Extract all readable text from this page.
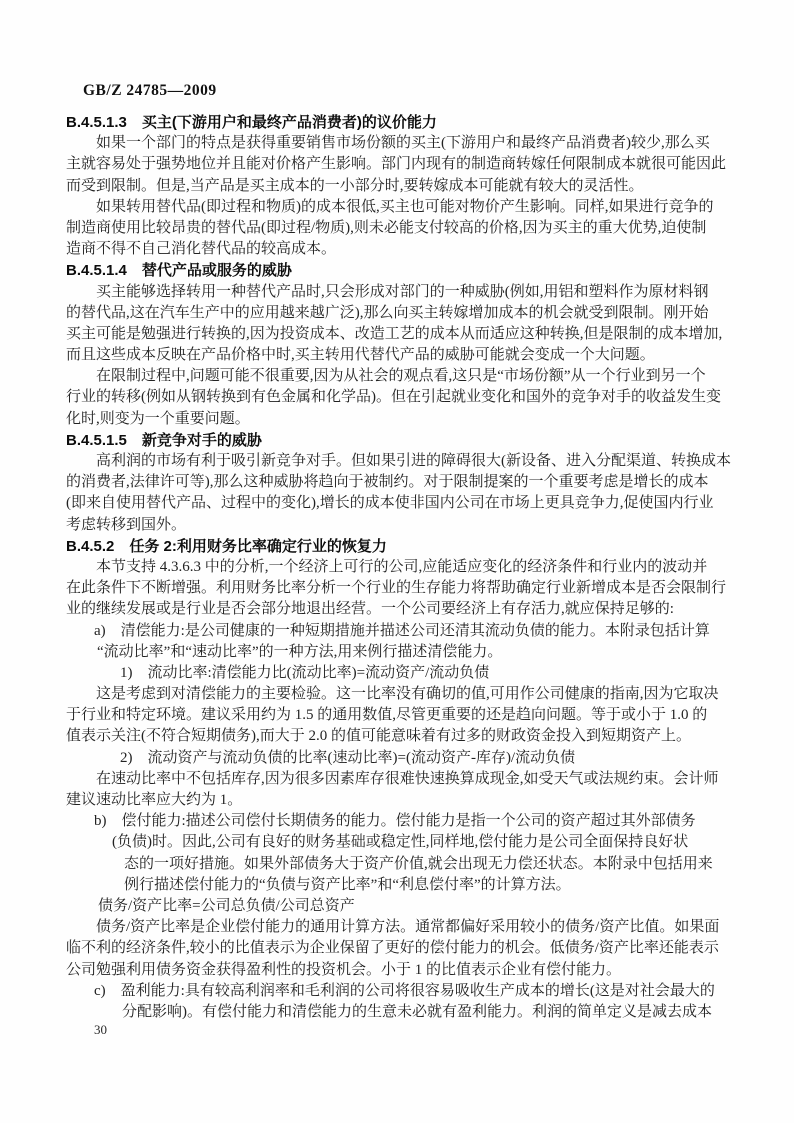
GB/Z 24785—2009
B.4.5.1.3　买主(下游用户和最终产品消费者)的议价能力
如果一个部门的特点是获得重要销售市场份额的买主(下游用户和最终产品消费者)较少,那么买
主就容易处于强势地位并且能对价格产生影响。部门内现有的制造商转嫁任何限制成本就很可能因此
而受到限制。但是,当产品是买主成本的一小部分时,要转嫁成本可能就有较大的灵活性。
如果转用替代品(即过程和物质)的成本很低,买主也可能对物价产生影响。同样,如果进行竞争的
制造商使用比较昂贵的替代品(即过程/物质),则未必能支付较高的价格,因为买主的重大优势,迫使制
造商不得不自己消化替代品的较高成本。
B.4.5.1.4　替代产品或服务的威胁
买主能够选择转用一种替代产品时,只会形成对部门的一种威胁(例如,用铝和塑料作为原材料钢
的替代品,这在汽车生产中的应用越来越广泛),那么向买主转嫁增加成本的机会就受到限制。刚开始
买主可能是勉强进行转换的,因为投资成本、改造工艺的成本从而适应这种转换,但是限制的成本增加,
而且这些成本反映在产品价格中时,买主转用代替代产品的威胁可能就会变成一个大问题。
在限制过程中,问题可能不很重要,因为从社会的观点看,这只是“市场份额”从一个行业到另一个
行业的转移(例如从钢转换到有色金属和化学品)。但在引起就业变化和国外的竞争对手的收益发生变
化时,则变为一个重要问题。
B.4.5.1.5　新竞争对手的威胁
高利润的市场有利于吸引新竞争对手。但如果引进的障碍很大(新设备、进入分配渠道、转换成本
的消费者,法律许可等),那么这种威胁将趋向于被制约。对于限制提案的一个重要考虑是增长的成本
(即来自使用替代产品、过程中的变化),增长的成本使非国内公司在市场上更具竞争力,促使国内行业
考虑转移到国外。
B.4.5.2　任务 2:利用财务比率确定行业的恢复力
本节支持 4.3.6.3 中的分析,一个经济上可行的公司,应能适应变化的经济条件和行业内的波动并
在此条件下不断增强。利用财务比率分析一个行业的生存能力将帮助确定行业新增成本是否会限制行
业的继续发展或是行业是否会部分地退出经营。一个公司要经济上有存活力,就应保持足够的:
a)　清偿能力:是公司健康的一种短期措施并描述公司还清其流动负债的能力。本附录包括计算
“流动比率”和“速动比率”的一种方法,用来例行描述清偿能力。
1)　流动比率:清偿能力比(流动比率)=流动资产/流动负债
这是考虑到对清偿能力的主要检验。这一比率没有确切的值,可用作公司健康的指南,因为它取决
于行业和特定环境。建议采用约为 1.5 的通用数值,尽管更重要的还是趋向问题。等于或小于 1.0 的
值表示关注(不符合短期债务),而大于 2.0 的值可能意味着有过多的财政资金投入到短期资产上。
2)　流动资产与流动负债的比率(速动比率)=(流动资产-库存)/流动负债
在速动比率中不包括库存,因为很多因素库存很难快速换算成现金,如受天气或法规约束。会计师
建议速动比率应大约为 1。
b)　偿付能力:描述公司偿付长期债务的能力。偿付能力是指一个公司的资产超过其外部债务
(负债)时。因此,公司有良好的财务基础或稳定性,同样地,偿付能力是公司全面保持良好状
态的一项好措施。如果外部债务大于资产价值,就会出现无力偿还状态。本附录中包括用来
例行描述偿付能力的“负债与资产比率”和“利息偿付率”的计算方法。
债务/资产比率=公司总负债/公司总资产
债务/资产比率是企业偿付能力的通用计算方法。通常都偏好采用较小的债务/资产比值。如果面
临不利的经济条件,较小的比值表示为企业保留了更好的偿付能力的机会。低债务/资产比率还能表示
公司勉强利用债务资金获得盈利性的投资机会。小于 1 的比值表示企业有偿付能力。
c)　盈利能力:具有较高利润率和毛利润的公司将很容易吸收生产成本的增长(这是对社会最大的
分配影响)。有偿付能力和清偿能力的生意未必就有盈利能力。利润的简单定义是减去成本
30
